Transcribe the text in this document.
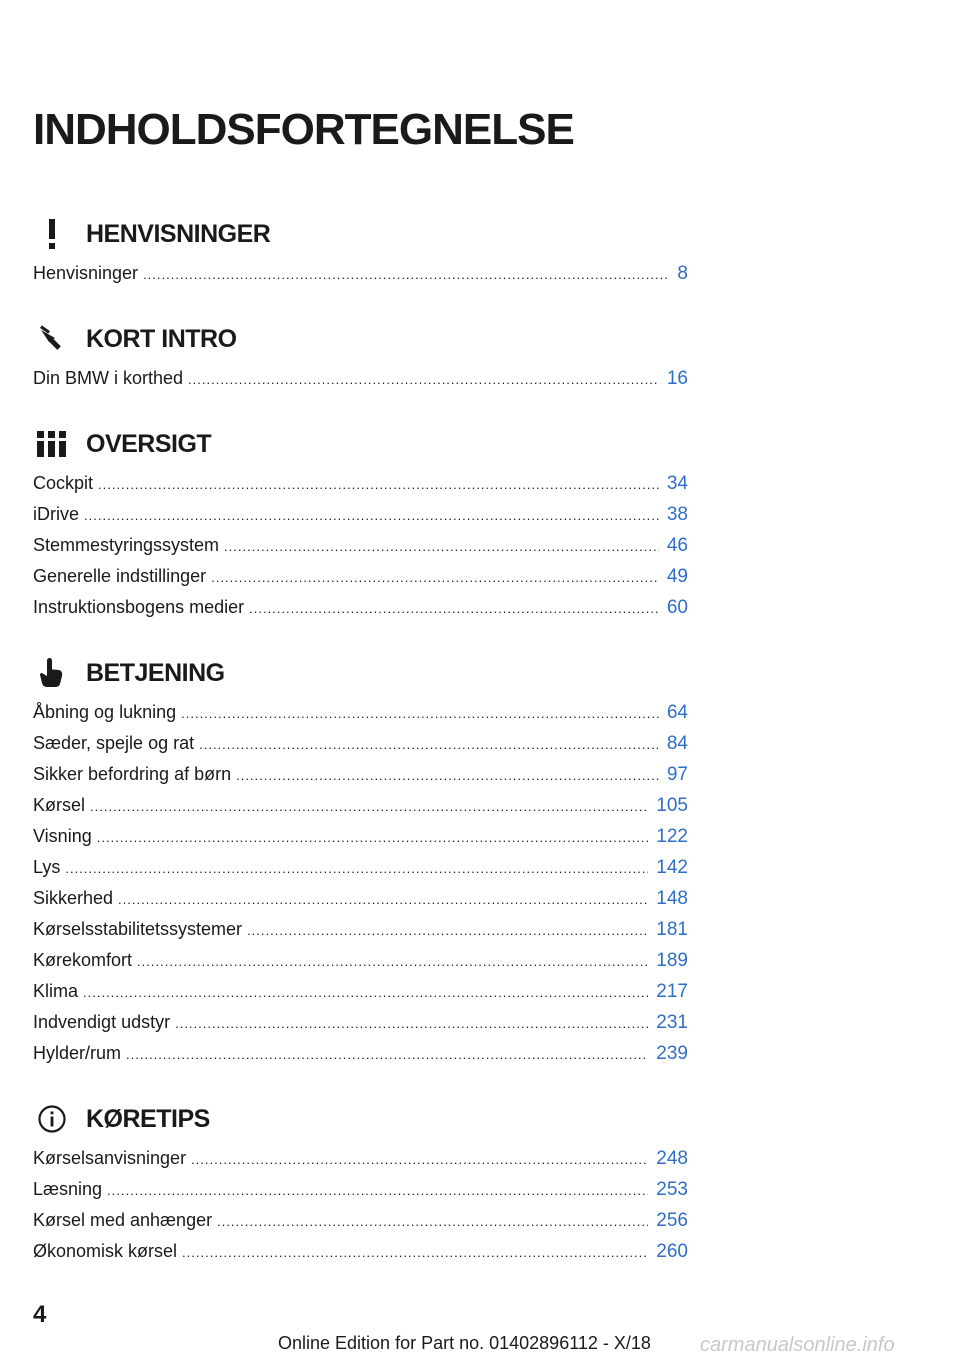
INDHOLDSFORTEGNELSE
HENVISNINGER
Henvisninger .....	8
KORT INTRO
Din BMW i korthed .....	16
OVERSIGT
Cockpit .....	34
iDrive .....	38
Stemmestyringssystem .....	46
Generelle indstillinger .....	49
Instruktionsbogens medier .....	60
BETJENING
Åbning og lukning .....	64
Sæder, spejle og rat .....	84
Sikker befordring af børn .....	97
Kørsel .....	105
Visning .....	122
Lys .....	142
Sikkerhed .....	148
Kørselsstabilitetssystemer .....	181
Kørekomfort .....	189
Klima .....	217
Indvendigt udstyr .....	231
Hylder/rum .....	239
KØRETIPS
Kørselsanvisninger .....	248
Læsning .....	253
Kørsel med anhænger .....	256
Økonomisk kørsel .....	260

4

Online Edition for Part no. 01402896112 - X/18 carmanualsonline.info
